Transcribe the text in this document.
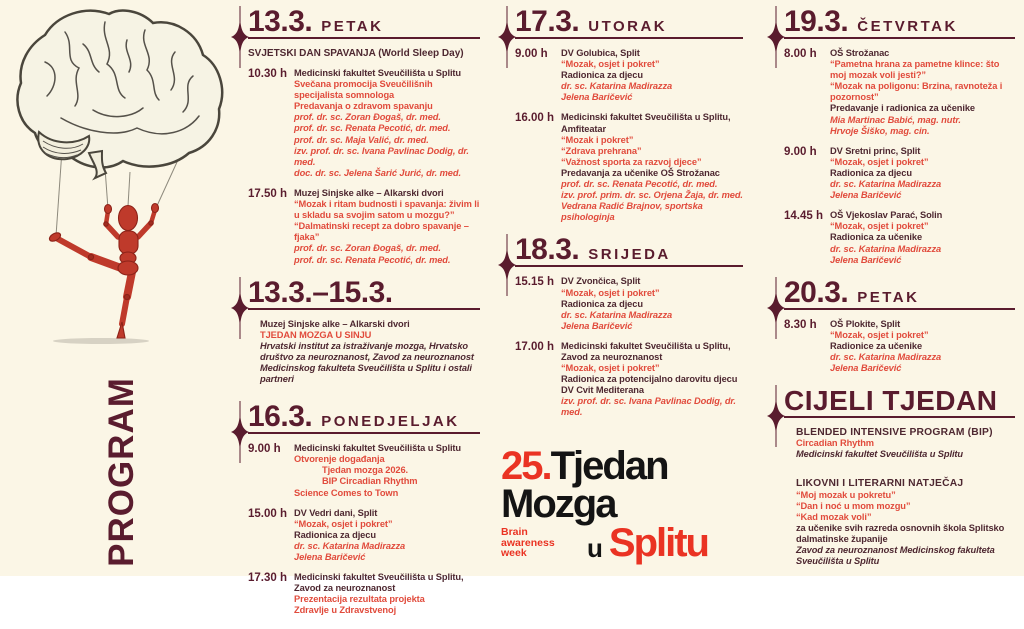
PROGRAM
13.3. PETAK
SVJETSKI DAN SPAVANJA (World Sleep Day)
10.30 h Medicinski fakultet Sveučilišta u Splitu
Svečana promocija Sveučilišnih specijalista somnologa
Predavanja o zdravom spavanju
prof. dr. sc. Zoran Đogaš, dr. med.
prof. dr. sc. Renata Pecotić, dr. med.
prof. dr. sc. Maja Valić, dr. med.
izv. prof. dr. sc. Ivana Pavlinac Dodig, dr. med.
doc. dr. sc. Jelena Šarić Jurić, dr. med.
17.50 h Muzej Sinjske alke – Alkarski dvori
“Mozak i ritam budnosti i spavanja: živim li u skladu sa svojim satom u mozgu?”
“Dalmatinski recept za dobro spavanje – fjaka”
prof. dr. sc. Zoran Đogaš, dr. med.
prof. dr. sc. Renata Pecotić, dr. med.
13.3.–15.3.
Muzej Sinjske alke – Alkarski dvori
TJEDAN MOZGA U SINJU
Hrvatski institut za istraživanje mozga, Hrvatsko društvo za neuroznanost, Zavod za neuroznanost Medicinskog fakulteta Sveučilišta u Splitu i ostali partneri
16.3. PONEDJELJAK
9.00 h	Medicinski fakultet Sveučilišta u Splitu
Otvorenje događanja
Tjedan mozga 2026.
BIP Circadian Rhythm
Science Comes to Town
15.00 h DV Vedri dani, Split
“Mozak, osjet i pokret”
Radionica za djecu
dr. sc. Katarina Madirazza
Jelena Baričević
17.30 h Medicinski fakultet Sveučilišta u Splitu, Zavod za neuroznanost
Prezentacija rezultata projekta
Zdravlje u Zdravstvenoj
17.3. UTORAK
9.00 h	DV Golubica, Split
“Mozak, osjet i pokret”
Radionica za djecu
dr. sc. Katarina Madirazza
Jelena Baričević
16.00 h Medicinski fakultet Sveučilišta u Splitu, Amfiteatar
“Mozak i pokret”
“Zdrava prehrana”
“Važnost sporta za razvoj djece”
Predavanja za učenike OŠ Strožanac
prof. dr. sc. Renata Pecotić, dr. med.
izv. prof. prim. dr. sc. Orjena Žaja, dr. med.
Vedrana Radić Brajnov, sportska psihologinja
18.3. SRIJEDA
15.15 h DV Zvončica, Split
“Mozak, osjet i pokret”
Radionica za djecu
dr. sc. Katarina Madirazza
Jelena Baričević
17.00 h Medicinski fakultet Sveučilišta u Splitu, Zavod za neuroznanost
“Mozak, osjet i pokret”
Radionica za potencijalno darovitu djecu DV Cvit Mediterana
izv. prof. dr. sc. Ivana Pavlinac Dodig, dr. med.
19.3. ČETVRTAK
8.00 h	OŠ Strožanac
“Pametna hrana za pametne klince: što moj mozak voli jesti?”
“Mozak na poligonu: Brzina, ravnoteža i pozornost”
Predavanje i radionica za učenike
Mia Martinac Babić, mag. nutr.
Hrvoje Šiško, mag. cin.
9.00 h	DV Sretni princ, Split
“Mozak, osjet i pokret”
Radionica za djecu
dr. sc. Katarina Madirazza
Jelena Baričević
14.45 h OŠ Vjekoslav Parać, Solin
“Mozak, osjet i pokret”
Radionica za učenike
dr. sc. Katarina Madirazza
Jelena Baričević
20.3. PETAK
8.30 h	OŠ Plokite, Split
“Mozak, osjet i pokret”
Radionice za učenike
dr. sc. Katarina Madirazza
Jelena Baričević
CIJELI TJEDAN
BLENDED INTENSIVE PROGRAM (BIP)
Circadian Rhythm
Medicinski fakultet Sveučilišta u Splitu
LIKOVNI I LITERARNI NATJEČAJ
“Moj mozak u pokretu”
“Dan i noć u mom mozgu”
“Kad mozak voli”
za učenike svih razreda osnovnih škola Splitsko dalmatinske županije
Zavod za neuroznanost Medicinskog fakulteta Sveučilišta u Splitu
25.Tjedan
Mozga
Brain
awareness
week	u Splitu
